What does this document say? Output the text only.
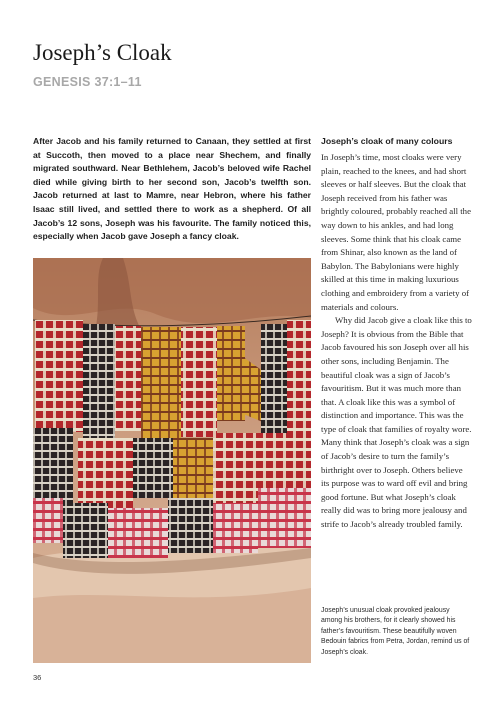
Joseph’s Cloak
GENESIS 37:1–11

After Jacob and his family returned to Canaan, they settled at first at Succoth, then moved to a place near Shechem, and finally migrated southward. Near Bethlehem, Jacob’s beloved wife Rachel died while giving birth to her second son, Jacob’s twelfth son. Jacob returned at last to Mamre, near Hebron, where his father Isaac still lived, and settled there to work as a shepherd. Of all Jacob’s 12 sons, Joseph was his favourite. The family noticed this, especially when Jacob gave Joseph a fancy cloak.

Joseph’s cloak of many colours

In Joseph’s time, most cloaks were very plain, reached to the knees, and had short sleeves or half sleeves. But the cloak that Joseph received from his father was brightly coloured, probably reached all the way down to his ankles, and had long sleeves. Some think that his cloak came from Shinar, also known as the land of Babylon. The Babylonians were highly skilled at this time in making luxurious clothing and embroidery from a variety of materials and colours.

Why did Jacob give a cloak like this to Joseph? It is obvious from the Bible that Jacob favoured his son Joseph over all his other sons, including Benjamin. The beautiful cloak was a sign of Jacob’s favouritism. But it was much more than that. A cloak like this was a symbol of distinction and importance. This was the type of cloak that families of royalty wore. Many think that Joseph’s cloak was a sign of Jacob’s desire to turn the family’s birthright over to Joseph. Others believe its purpose was to ward off evil and bring good fortune. But what Joseph’s cloak really did was to bring more jealousy and strife to Jacob’s already troubled family.

Joseph’s unusual cloak provoked jealousy among his brothers, for it clearly showed his father’s favouritism. These beautifully woven Bedouin fabrics from Petra, Jordan, remind us of Joseph’s cloak.

36
